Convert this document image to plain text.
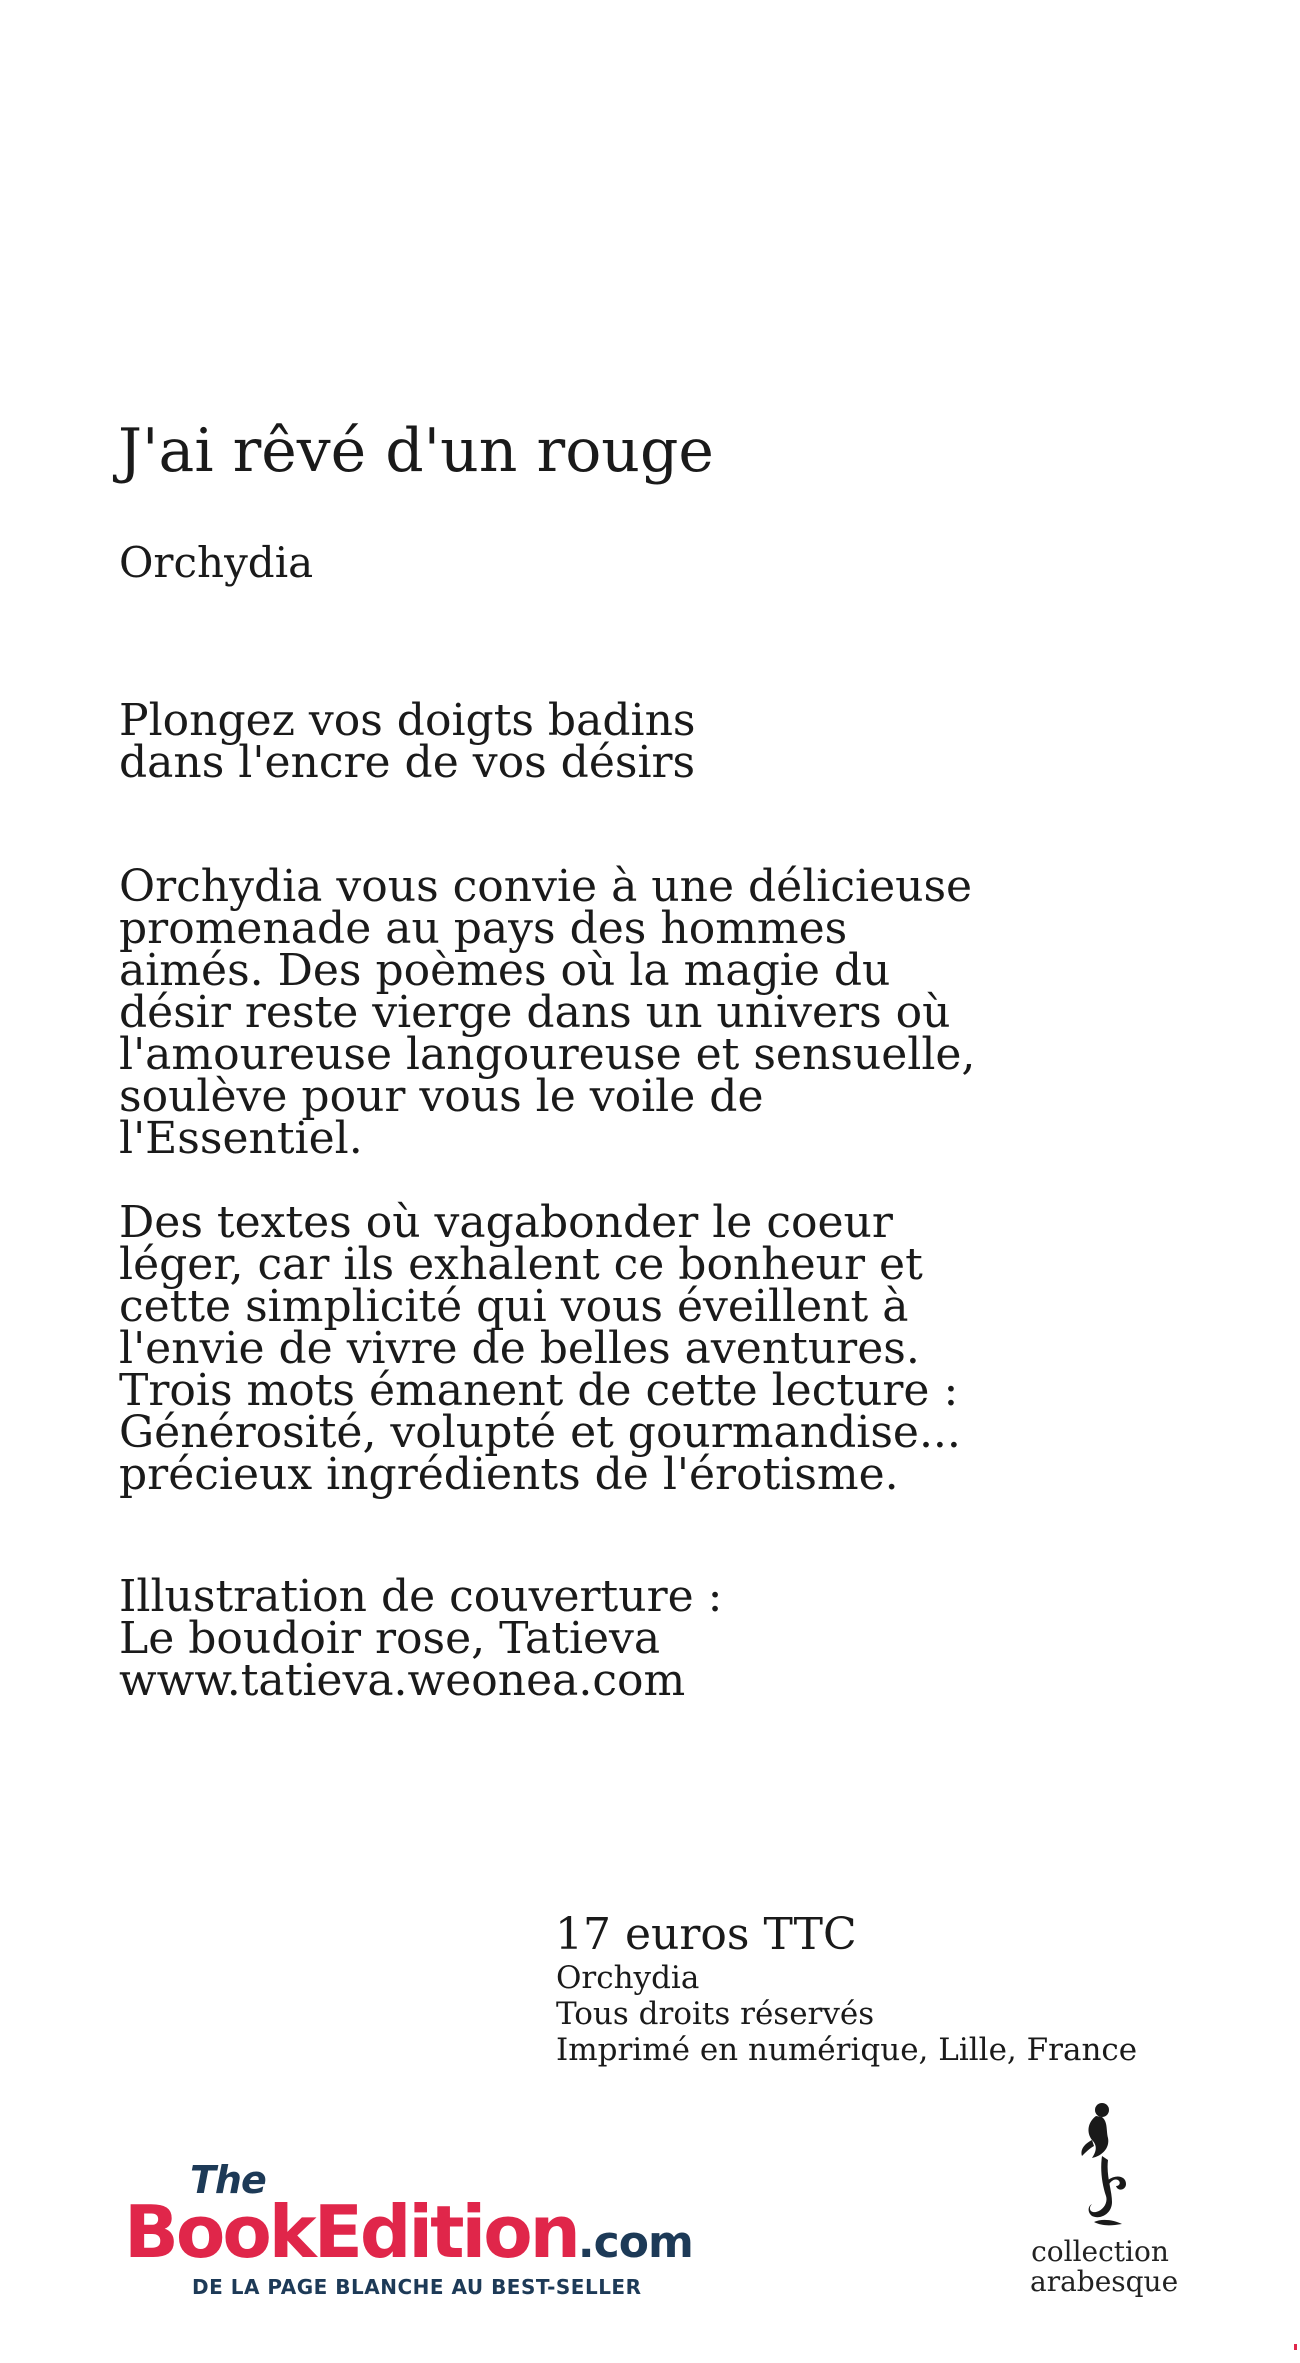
J'ai rêvé d'un rouge
Orchydia

Plongez vos doigts badins
dans l'encre de vos désirs

Orchydia vous convie à une délicieuse
promenade au pays des hommes
aimés. Des poèmes où la magie du
désir reste vierge dans un univers où
l'amoureuse langoureuse et sensuelle,
soulève pour vous le voile de
l'Essentiel.

Des textes où vagabonder le coeur
léger, car ils exhalent ce bonheur et
cette simplicité qui vous éveillent à
l'envie de vivre de belles aventures.
Trois mots émanent de cette lecture :
Générosité, volupté et gourmandise...
précieux ingrédients de l'érotisme.

Illustration de couverture :
Le boudoir rose, Tatieva
www.tatieva.weonea.com

17 euros TTC
Orchydia
Tous droits réservés
Imprimé en numérique, Lille, France
The
BookEdition.com
DE LA PAGE BLANCHE AU BEST-SELLER
collection
arabesque
